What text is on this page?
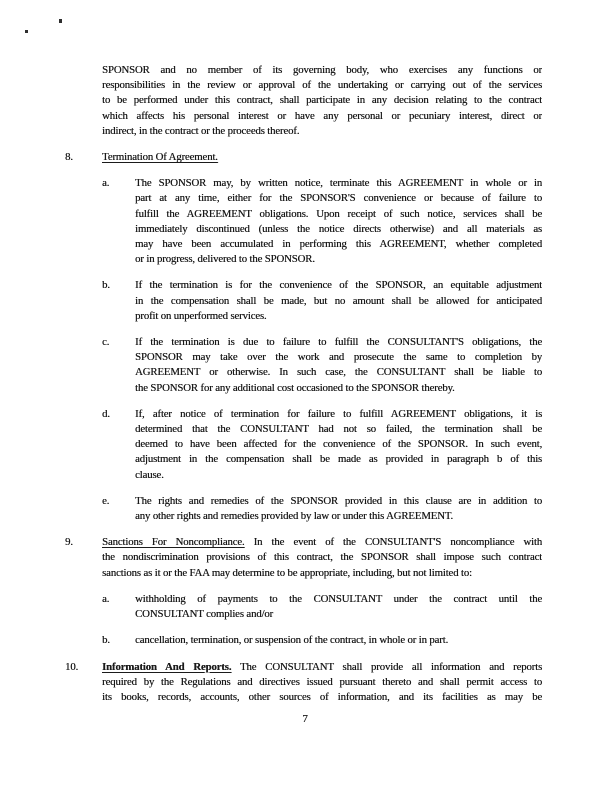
SPONSOR and no member of its governing body, who exercises any functions or
responsibilities in the review or approval of the undertaking or carrying out of the services
to be performed under this contract, shall participate in any decision relating to the contract
which affects his personal interest or have any personal or pecuniary interest, direct or
indirect, in the contract or the proceeds thereof.
8.	Termination Of Agreement.
a.	The SPONSOR may, by written notice, terminate this AGREEMENT in whole or in
part at any time, either for the SPONSOR'S convenience or because of failure to
fulfill the AGREEMENT obligations. Upon receipt of such notice, services shall be
immediately discontinued (unless the notice directs otherwise) and all materials as
may have been accumulated in performing this AGREEMENT, whether completed
or in progress, delivered to the SPONSOR.
b.	If the termination is for the convenience of the SPONSOR, an equitable adjustment
in the compensation shall be made, but no amount shall be allowed for anticipated
profit on unperformed services.
c.	If the termination is due to failure to fulfill the CONSULTANT'S obligations, the
SPONSOR may take over the work and prosecute the same to completion by
AGREEMENT or otherwise. In such case, the CONSULTANT shall be liable to
the SPONSOR for any additional cost occasioned to the SPONSOR thereby.
d.	If, after notice of termination for failure to fulfill AGREEMENT obligations, it is
determined that the CONSULTANT had not so failed, the termination shall be
deemed to have been affected for the convenience of the SPONSOR. In such event,
adjustment in the compensation shall be made as provided in paragraph b of this
clause.
e.	The rights and remedies of the SPONSOR provided in this clause are in addition to
any other rights and remedies provided by law or under this AGREEMENT.
9.	Sanctions For Noncompliance. In the event of the CONSULTANT'S noncompliance with
the nondiscrimination provisions of this contract, the SPONSOR shall impose such contract
sanctions as it or the FAA may determine to be appropriate, including, but not limited to:
a.	withholding of payments to the CONSULTANT under the contract until the
CONSULTANT complies and/or
b.	cancellation, termination, or suspension of the contract, in whole or in part.
10.	Information And Reports. The CONSULTANT shall provide all information and reports
required by the Regulations and directives issued pursuant thereto and shall permit access to
its books, records, accounts, other sources of information, and its facilities as may be
7
